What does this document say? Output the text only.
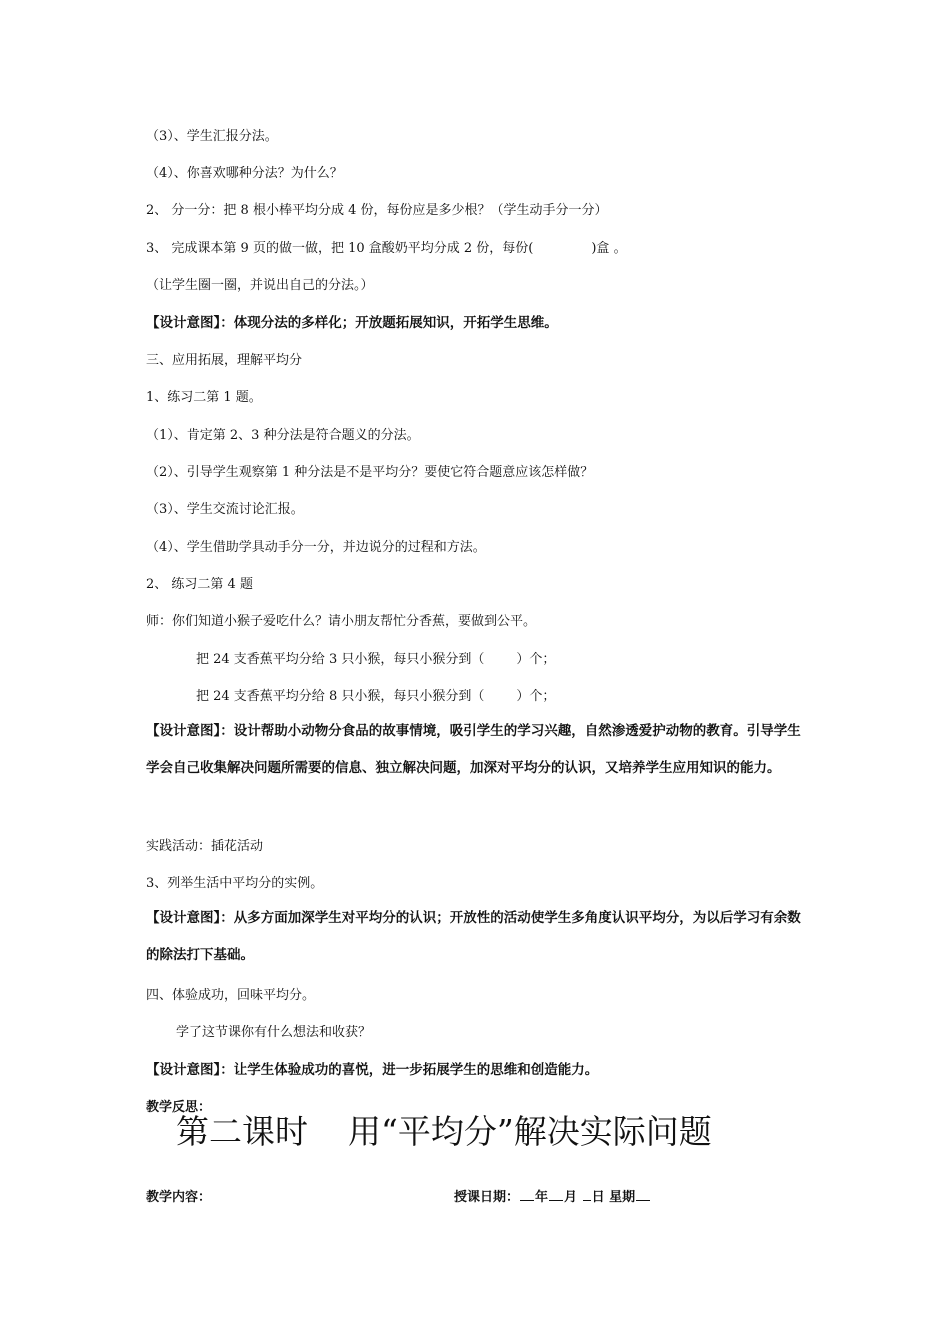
（3）、学生汇报分法。
（4）、你喜欢哪种分法？为什么？
2、 分一分：把 8 根小棒平均分成 4 份，每份应是多少根？（学生动手分一分）
3、 完成课本第 9 页的做一做，把 10 盒酸奶平均分成 2 份，每份(	)盒 。
（让学生圈一圈，并说出自己的分法。）
【设计意图】：体现分法的多样化；开放题拓展知识，开拓学生思维。
三、应用拓展，理解平均分
1、练习二第 1 题。
（1）、肯定第 2、3 种分法是符合题义的分法。
（2）、引导学生观察第 1 种分法是不是平均分？要使它符合题意应该怎样做？
（3）、学生交流讨论汇报。
（4）、学生借助学具动手分一分，并边说分的过程和方法。
2、 练习二第 4 题
师：你们知道小猴子爱吃什么？请小朋友帮忙分香蕉，要做到公平。
把 24 支香蕉平均分给 3 只小猴，每只小猴分到（ ）个；
把 24 支香蕉平均分给 8 只小猴，每只小猴分到（ ）个；
【设计意图】：设计帮助小动物分食品的故事情境，吸引学生的学习兴趣，自然渗透爱护动物的教育。引导学生学会自己收集解决问题所需要的信息、独立解决问题，加深对平均分的认识，又培养学生应用知识的能力。
实践活动：插花活动
3、列举生活中平均分的实例。
【设计意图】：从多方面加深学生对平均分的认识；开放性的活动使学生多角度认识平均分，为以后学习有余数的除法打下基础。
四、体验成功，回味平均分。
学了这节课你有什么想法和收获？
【设计意图】：让学生体验成功的喜悦，进一步拓展学生的思维和创造能力。
教学反思：
第二课时 用“平均分”解决实际问题
教学内容：	授课日期： 年 月 日 星期
